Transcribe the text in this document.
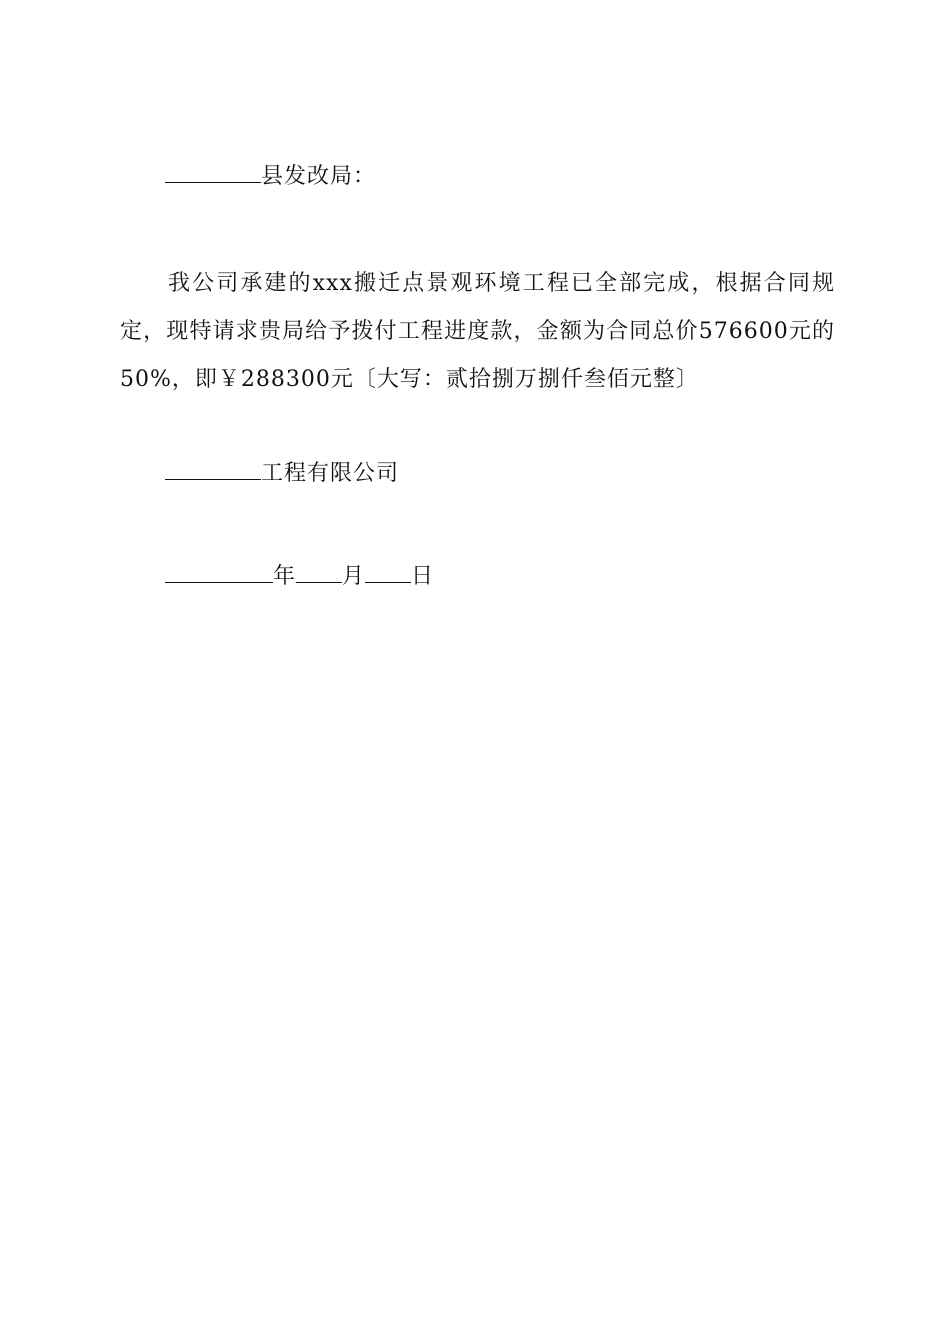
县发改局：
我公司承建的xxx搬迁点景观环境工程已全部完成，根据合同规定，现特请求贵局给予拨付工程进度款，金额为合同总价576600元的50%，即￥288300元〔大写：贰拾捌万捌仟叁佰元整〕
工程有限公司
年 月 日
